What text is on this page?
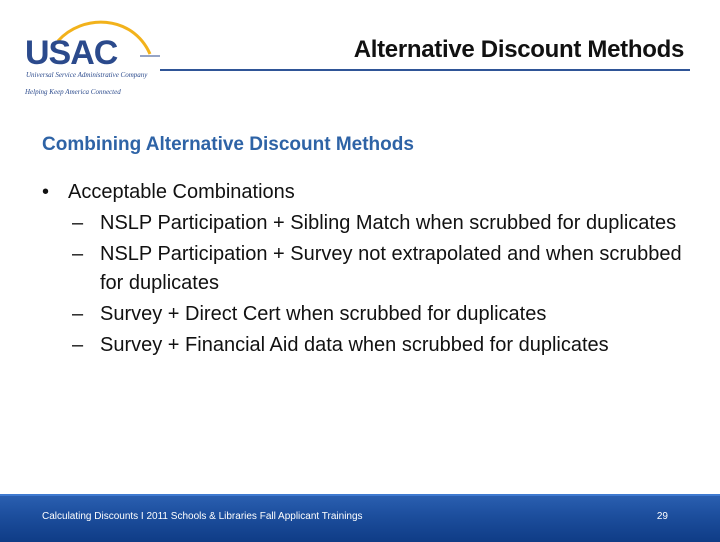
USAC
Universal Service Administrative Company
Helping Keep America Connected
Alternative Discount Methods
Combining Alternative Discount Methods
• Acceptable Combinations
– NSLP Participation + Sibling Match when scrubbed for duplicates
– NSLP Participation + Survey not extrapolated and when scrubbed for duplicates
– Survey + Direct Cert when scrubbed for duplicates
– Survey + Financial Aid data when scrubbed for duplicates
Calculating Discounts I 2011 Schools & Libraries Fall Applicant Trainings	29
